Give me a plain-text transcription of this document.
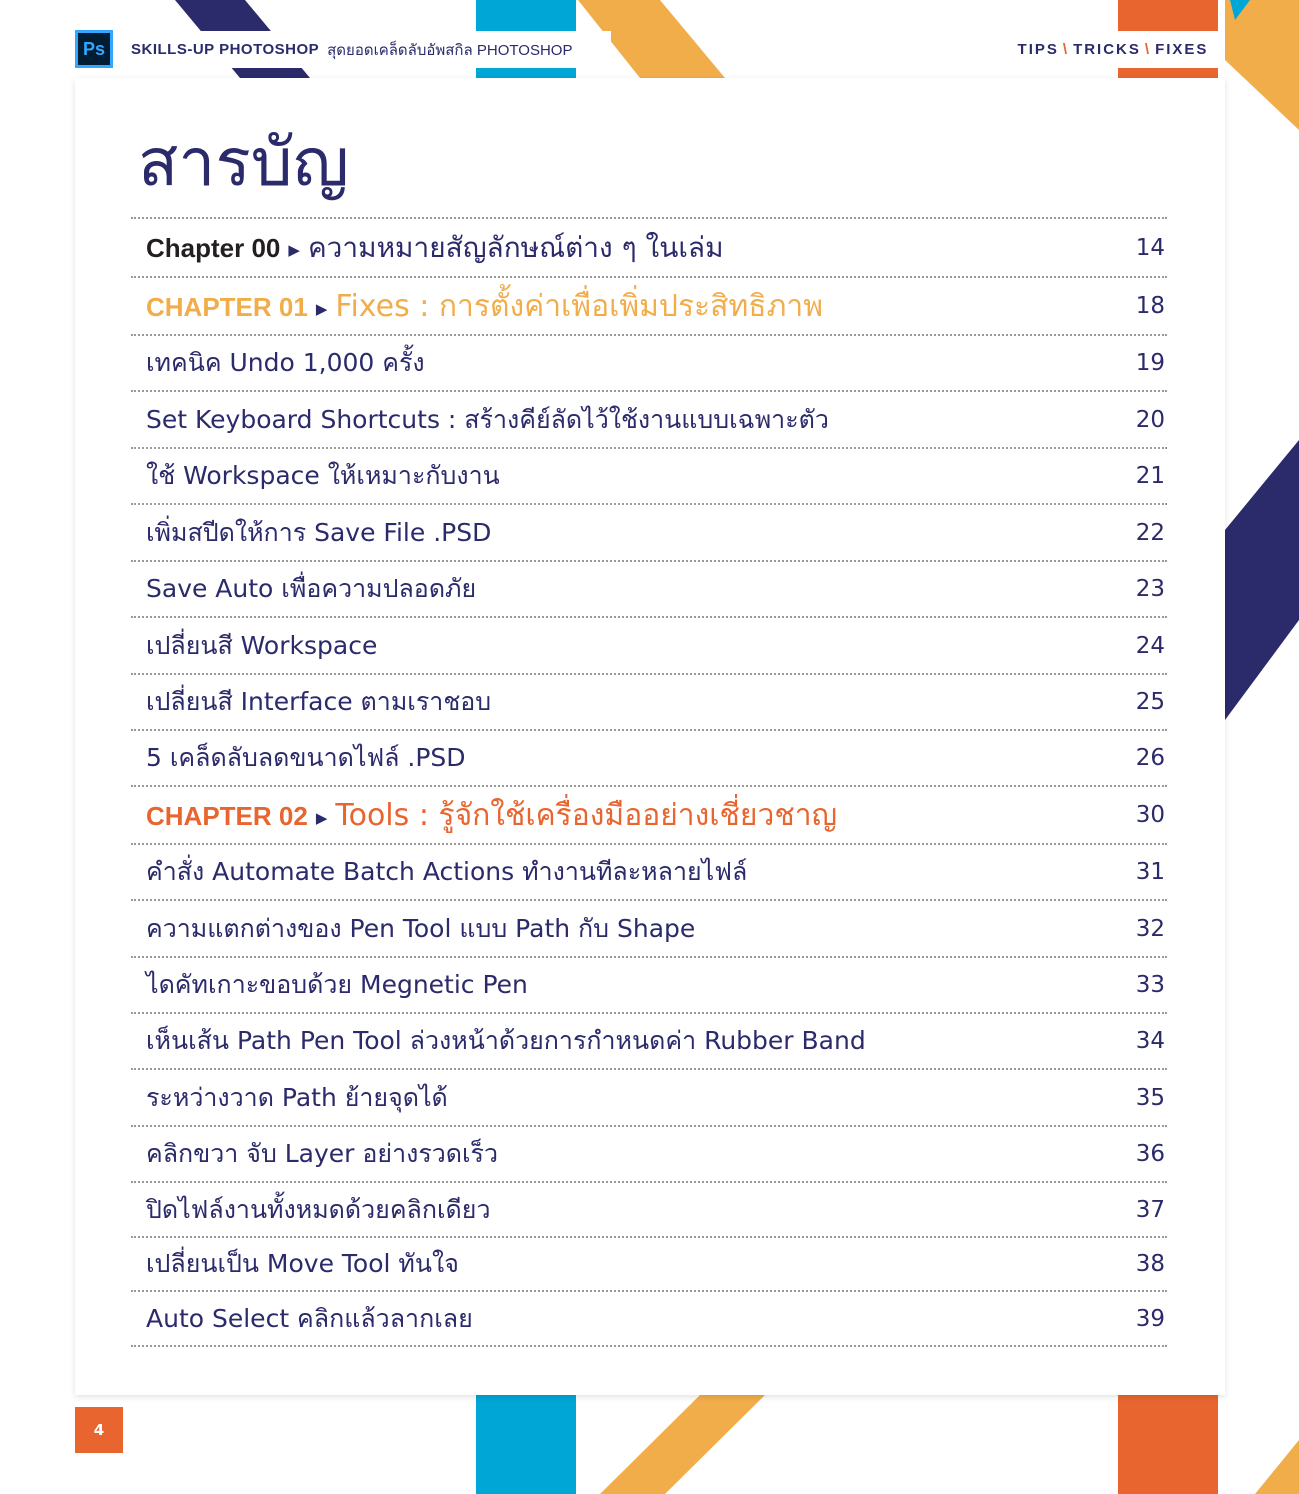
Ps	SKILLS-UP PHOTOSHOP สุดยอดเคล็ดลับอัพสกิล PHOTOSHOP	TIPS \ TRICKS \ FIXES
สารบัญ
Chapter 00 ▶ ความหมายสัญลักษณ์ต่าง ๆ ในเล่ม	14
CHAPTER 01 ▶ Fixes : การตั้งค่าเพื่อเพิ่มประสิทธิภาพ	18
เทคนิค Undo 1,000 ครั้ง	19
Set Keyboard Shortcuts : สร้างคีย์ลัดไว้ใช้งานแบบเฉพาะตัว	20
ใช้ Workspace ให้เหมาะกับงาน	21
เพิ่มสปีดให้การ Save File .PSD	22
Save Auto เพื่อความปลอดภัย	23
เปลี่ยนสี Workspace	24
เปลี่ยนสี Interface ตามเราชอบ	25
5 เคล็ดลับลดขนาดไฟล์ .PSD	26
CHAPTER 02 ▶ Tools : รู้จักใช้เครื่องมืออย่างเชี่ยวชาญ	30
คำสั่ง Automate Batch Actions ทำงานทีละหลายไฟล์	31
ความแตกต่างของ Pen Tool แบบ Path กับ Shape	32
ไดคัทเกาะขอบด้วย Megnetic Pen	33
เห็นเส้น Path Pen Tool ล่วงหน้าด้วยการกำหนดค่า Rubber Band	34
ระหว่างวาด Path ย้ายจุดได้	35
คลิกขวา จับ Layer อย่างรวดเร็ว	36
ปิดไฟล์งานทั้งหมดด้วยคลิกเดียว	37
เปลี่ยนเป็น Move Tool ทันใจ	38
Auto Select คลิกแล้วลากเลย	39
4
